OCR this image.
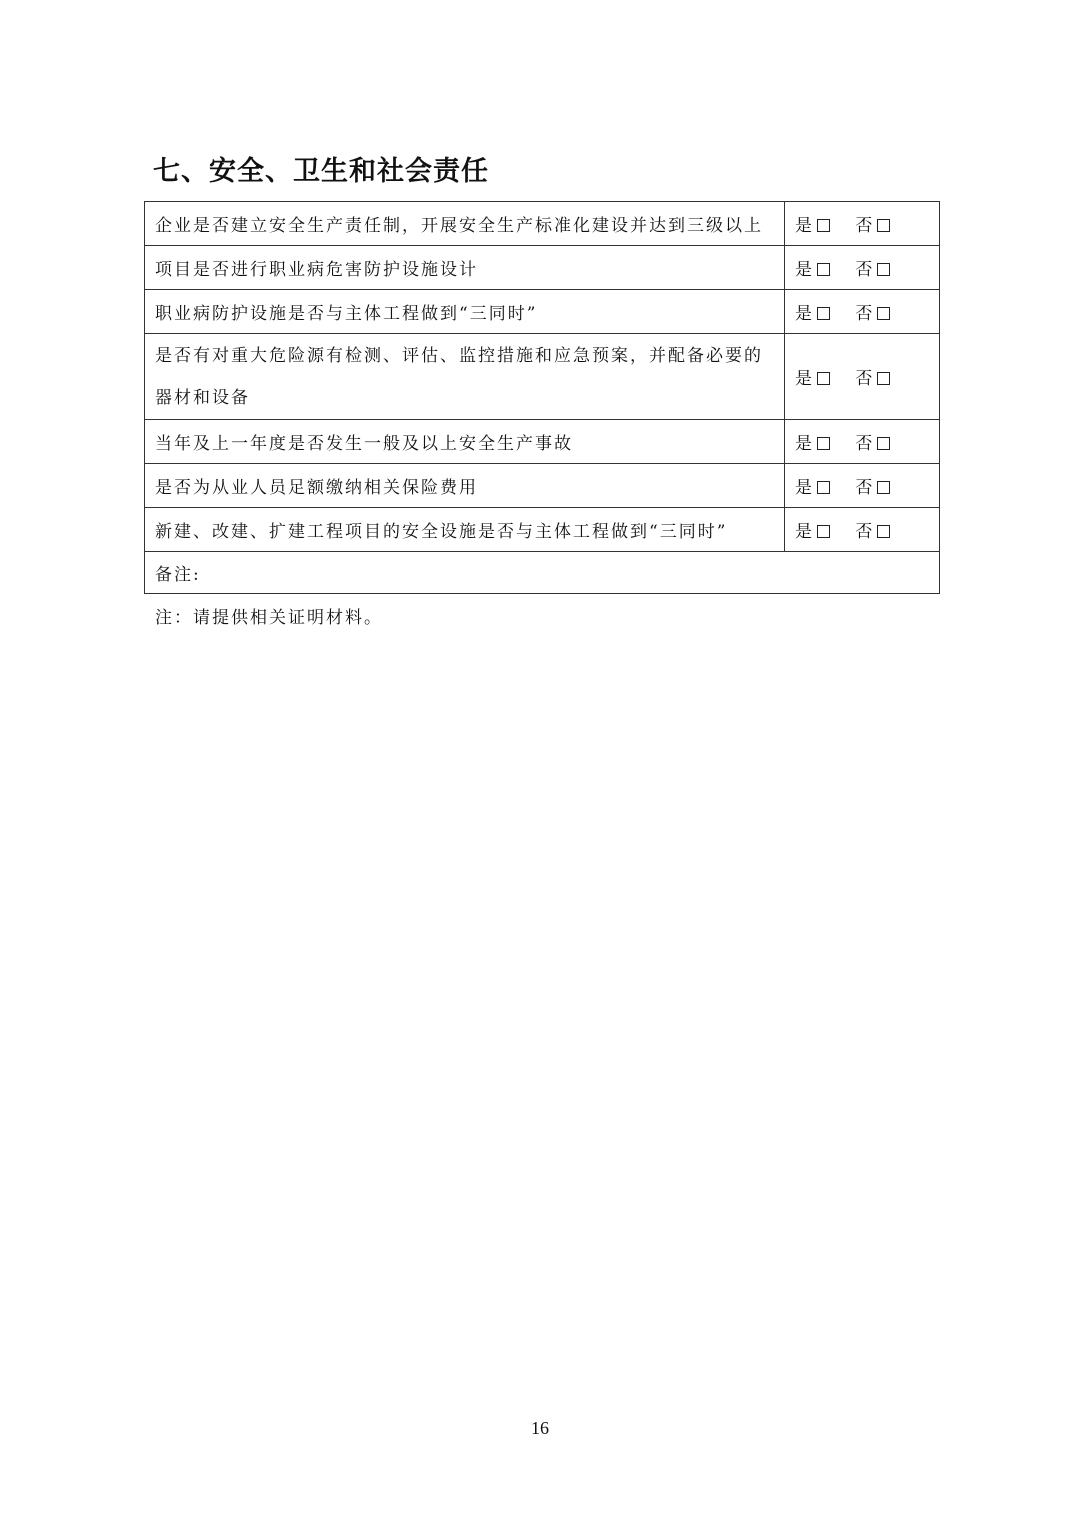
七、安全、卫生和社会责任
企业是否建立安全生产责任制，开展安全生产标准化建设并达到三级以上	是 否
项目是否进行职业病危害防护设施设计	是 否
职业病防护设施是否与主体工程做到“三同时”	是 否
是否有对重大危险源有检测、评估、监控措施和应急预案，并配备必要的器材和设备	是 否
当年及上一年度是否发生一般及以上安全生产事故	是 否
是否为从业人员足额缴纳相关保险费用	是 否
新建、改建、扩建工程项目的安全设施是否与主体工程做到“三同时”	是 否
备注:	

注：请提供相关证明材料。

16
